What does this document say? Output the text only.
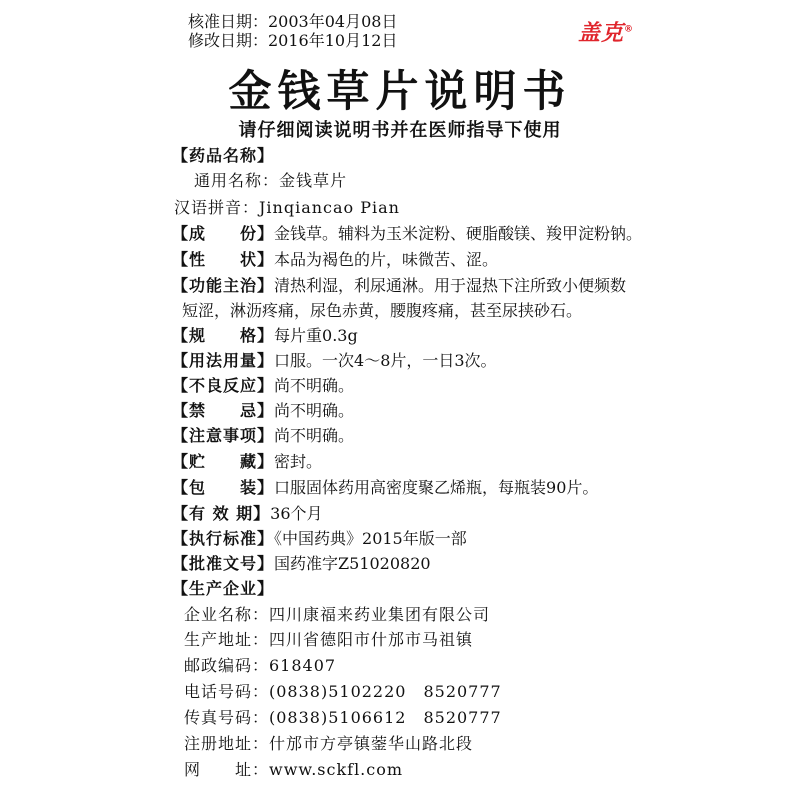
核准日期：2003年04月08日
修改日期：2016年10月12日	盖克®
金钱草片说明书
请仔细阅读说明书并在医师指导下使用
【药品名称】
通用名称：金钱草片
汉语拼音：Jinqiancao Pian
【成　　份】金钱草。辅料为玉米淀粉、硬脂酸镁、羧甲淀粉钠。
【性　　状】本品为褐色的片，味微苦、涩。
【功能主治】清热利湿，利尿通淋。用于湿热下注所致小便频数
短涩，淋沥疼痛，尿色赤黄，腰腹疼痛，甚至尿挟砂石。
【规　　格】每片重0.3g
【用法用量】口服。一次4～8片，一日3次。
【不良反应】尚不明确。
【禁　　忌】尚不明确。
【注意事项】尚不明确。
【贮　　藏】密封。
【包　　装】口服固体药用高密度聚乙烯瓶，每瓶装90片。
【有 效 期】36个月
【执行标准】《中国药典》2015年版一部
【批准文号】国药准字Z51020820
【生产企业】
企业名称：四川康福来药业集团有限公司
生产地址：四川省德阳市什邡市马祖镇
邮政编码：618407
电话号码：(0838)5102220　8520777
传真号码：(0838)5106612　8520777
注册地址：什邡市方亭镇蓥华山路北段
网　　址：www.sckfl.com
